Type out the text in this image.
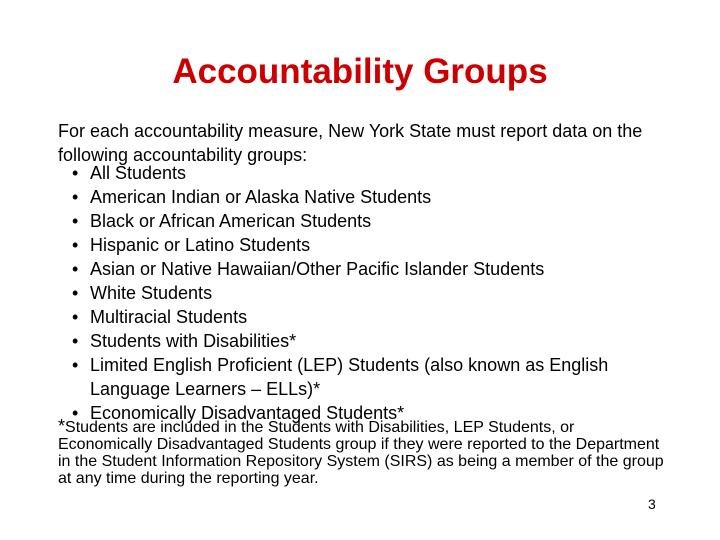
Accountability Groups
For each accountability measure, New York State must report data on the following accountability groups:
• All Students
• American Indian or Alaska Native Students
• Black or African American Students
• Hispanic or Latino Students
• Asian or Native Hawaiian/Other Pacific Islander Students
• White Students
• Multiracial Students
• Students with Disabilities*
• Limited English Proficient (LEP) Students (also known as English Language Learners – ELLs)*
• Economically Disadvantaged Students*
*Students are included in the Students with Disabilities, LEP Students, or Economically Disadvantaged Students group if they were reported to the Department in the Student Information Repository System (SIRS) as being a member of the group at any time during the reporting year.
3
